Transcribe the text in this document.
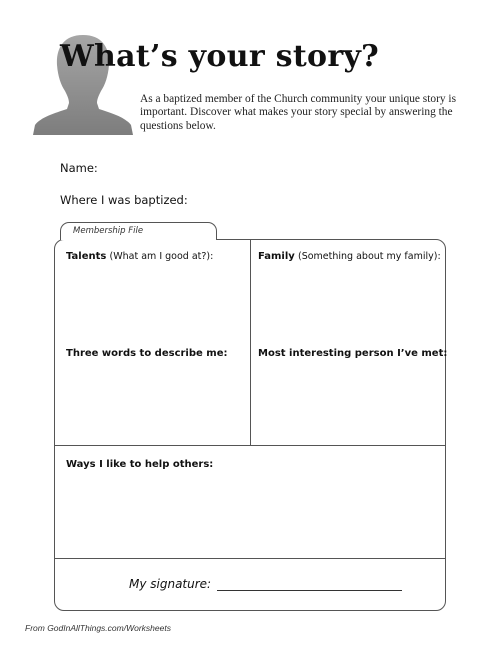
What’s your story?

As a baptized member of the Church community your unique story is important. Discover what makes your story special by answering the questions below.

Name:
Where I was baptized:
Membership File
Talents (What am I good at?):	Family (Something about my family):
Three words to describe me:	Most interesting person I’ve met:
Ways I like to help others:
My signature:
From GodInAllThings.com/Worksheets
